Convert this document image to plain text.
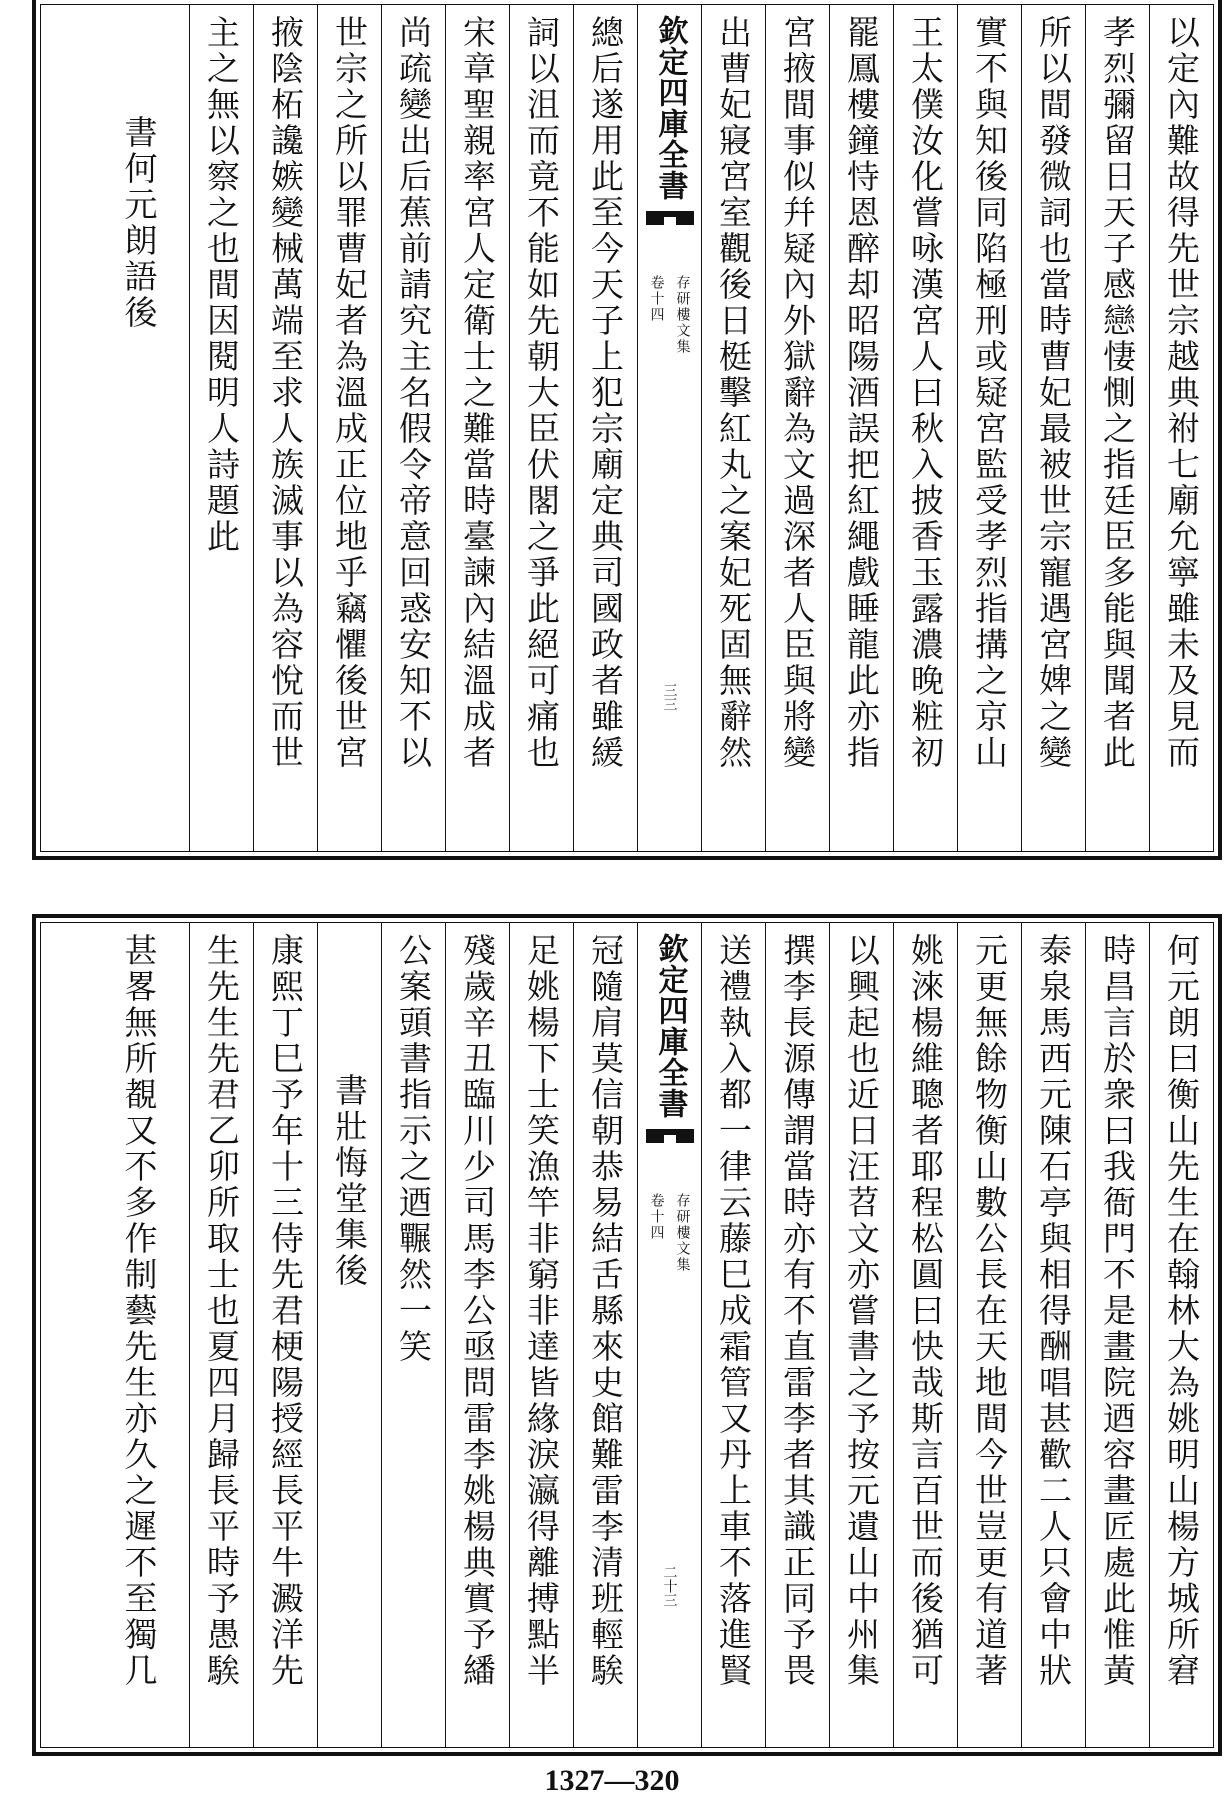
以定內難故得先世宗越典祔七廟允寧雖未及見而
孝烈彌留日天子感戀悽惻之指廷臣多能與聞者此
所以間發微詞也當時曹妃最被世宗寵遇宮婢之變
實不與知後同陷極刑或疑宮監受孝烈指搆之京山
王太僕汝化嘗咏漢宮人曰秋入披香玉露濃晚粧初
罷鳳樓鐘恃恩醉却昭陽酒誤把紅繩戲睡龍此亦指
宮掖間事似幷疑內外獄辭為文過深者人臣與將變
出曹妃寢宮室觀後日梃擊紅丸之案妃死固無辭然
欽定四庫全書
存研樓文集
卷十四
三三
總后遂用此至今天子上犯宗廟定典司國政者雖緩
詞以沮而竟不能如先朝大臣伏閣之爭此絕可痛也
宋章聖親率宮人定衛士之難當時臺諫內結溫成者
尚疏變出后蕉前請究主名假令帝意回惑安知不以
世宗之所以罪曹妃者為溫成正位地乎竊懼後世宮
掖陰柘讒嫉變械萬端至求人族滅事以為容悅而世
主之無以察之也間因閱明人詩題此
書何元朗語後
何元朗曰衡山先生在翰林大為姚明山楊方城所窘
時昌言於衆曰我衙門不是畫院迺容畫匠處此惟黃
泰泉馬西元陳石亭與相得酬唱甚歡二人只會中狀
元更無餘物衡山數公長在天地間今世豈更有道著
姚淶楊維聰者耶程松圓曰快哉斯言百世而後猶可
以興起也近日汪苕文亦嘗書之予按元遺山中州集
撰李長源傳謂當時亦有不直雷李者其識正同予畏
送禮執入都一律云藤巳成霜管又丹上車不落進賢
欽定四庫全書
存研樓文集
卷十四
二十三
冠隨肩莫信朝恭易結舌縣來史館難雷李清班輕騃
足姚楊下士笑漁竿非窮非達皆緣淚瀛得離搏點半
殘歲辛丑臨川少司馬李公亟問雷李姚楊典實予繙
公案頭書指示之迺囅然一笑
書壯悔堂集後
康熙丁巳予年十三侍先君梗陽授經長平牛澱洋先
生先生先君乙卯所取士也夏四月歸長平時予愚騃
甚畧無所覩又不多作制藝先生亦久之遲不至獨几
1327—320
